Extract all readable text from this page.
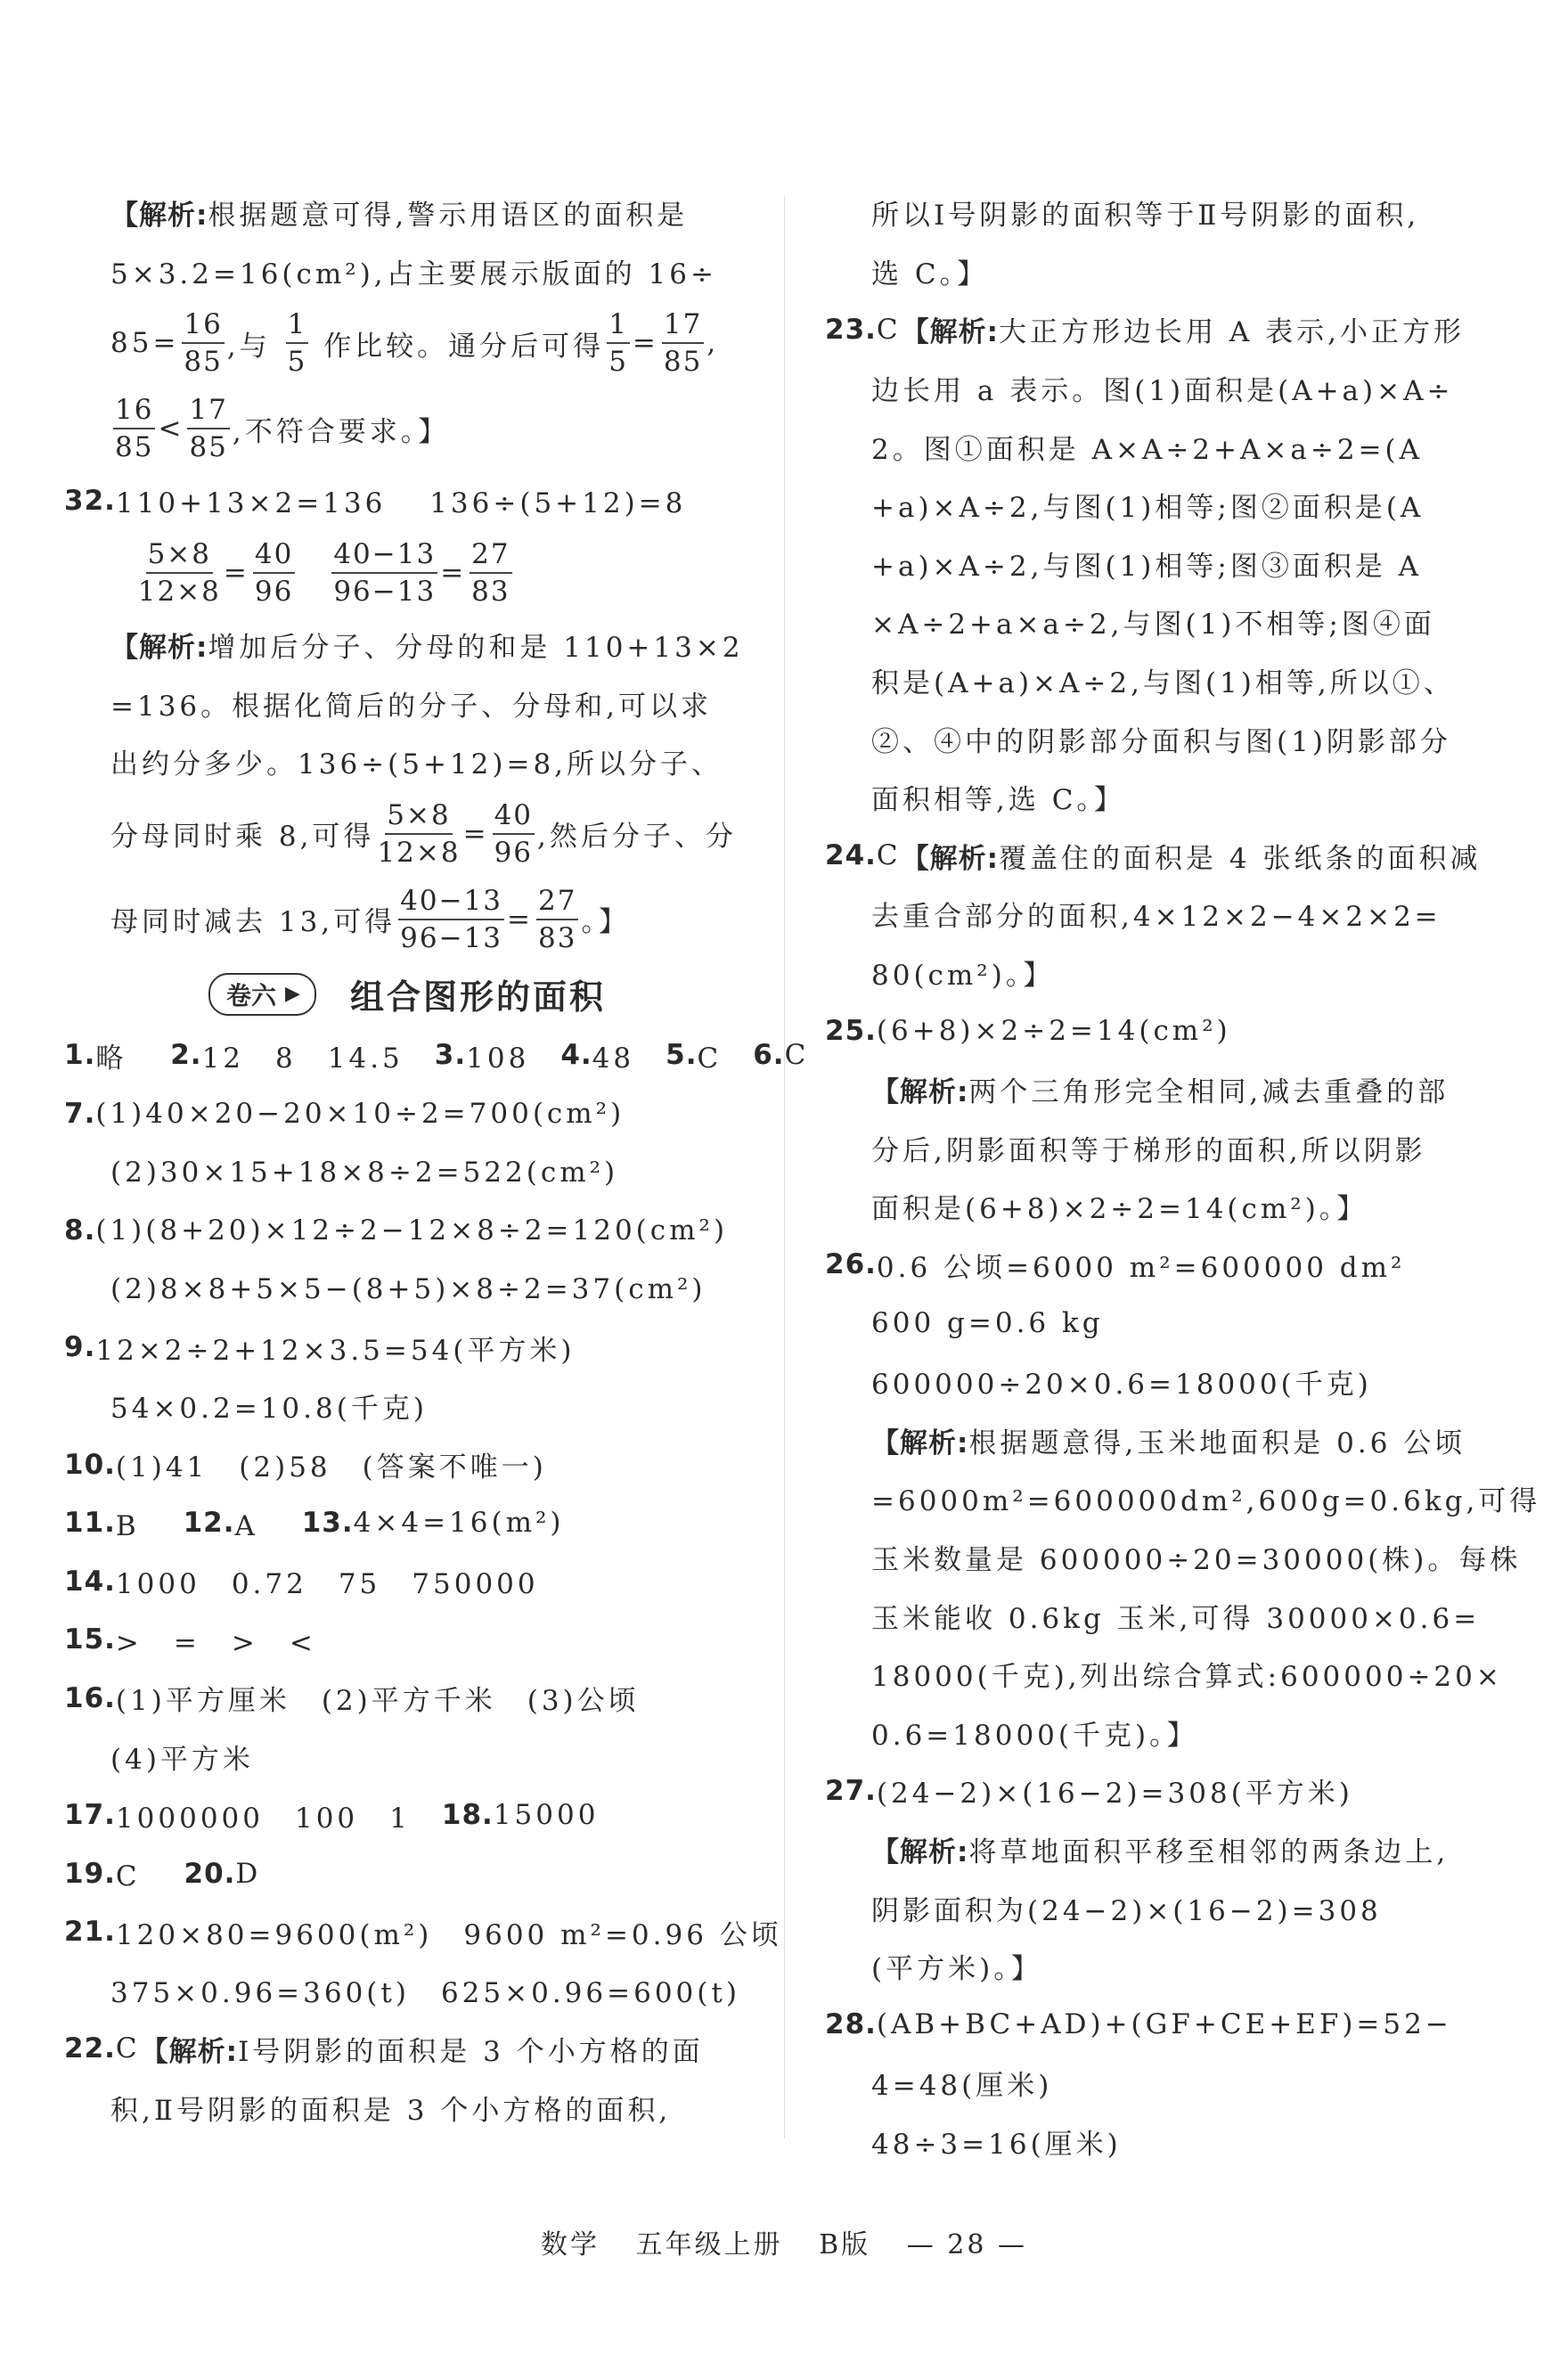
【解析: 根据题意可得,警示用语区的面积是
5×3.2=16(cm²),占主要展示版面的 16÷
$85= \frac{16}{85}$ ,与 $\frac{1}{5}$ 作比较。通分后可得 $\frac{1}{5} = \frac{17}{85}$ ,
$\frac{16}{85} < \frac{17}{85}$ ,不符合要求。】
32. 110+13×2=136　 136÷(5+12)=8

$\frac{5\times 8}{12\times 8} = \frac{40}{96}$
　 $\frac{40-13}{96-13} = \frac{27}{83}$
【解析: 增加后分子、分母的和是 110+13×2
=136。根据化简后的分子、分母和,可以求
出约分多少。136÷(5+12)=8,所以分子、
分母同时乘 8,可得 $\frac{5\times 8}{12\times 8} = \frac{40}{96}$ ,然后分子、分
母同时减去 13,可得 $\frac{40-13}{96-13} = \frac{27}{83}$ 。】
卷六 ▶ 组合图形的面积
1. 略　 2. 12　8　14.5　 3. 108　 4. 48　 5. C　 6. C
7. (1)40×20−20×10÷2=700(cm²)
(2)30×15+18×8÷2=522(cm²)
8. (1)(8+20)×12÷2−12×8÷2=120(cm²)
(2)8×8+5×5−(8+5)×8÷2=37(cm²)
9. 12×2÷2+12×3.5=54(平方米)
54×0.2=10.8(千克)
10. (1)41　(2)58　(答案不唯一)
11. B　 12. A　 13. 4×4=16(m²)
14. 1000　0.72　75　750000
15. >　=　>　<
16. (1)平方厘米　(2)平方千米　(3)公顷
(4)平方米
17. 1000000　100　1　 18. 15000
19. C　 20. D
21. 120×80=9600(m²)　9600 m²=0.96 公顷
375×0.96=360(t)　625×0.96=600(t)
22. C 【解析: Ⅰ号阴影的面积是 3 个小方格的面
积,Ⅱ号阴影的面积是 3 个小方格的面积,
所以Ⅰ号阴影的面积等于Ⅱ号阴影的面积,
选 C。】
23. C 【解析: 大正方形边长用 A 表示,小正方形
边长用 a 表示。图(1)面积是(A+a)×A÷
2。图①面积是 A×A÷2+A×a÷2=(A
+a)×A÷2,与图(1)相等;图②面积是(A
+a)×A÷2,与图(1)相等;图③面积是 A
×A÷2+a×a÷2,与图(1)不相等;图④面
积是(A+a)×A÷2,与图(1)相等,所以①、
②、④中的阴影部分面积与图(1)阴影部分
面积相等,选 C。】
24. C 【解析: 覆盖住的面积是 4 张纸条的面积减
去重合部分的面积,4×12×2−4×2×2=
80(cm²)。】
25. (6+8)×2÷2=14(cm²)
【解析: 两个三角形完全相同,减去重叠的部
分后,阴影面积等于梯形的面积,所以阴影
面积是(6+8)×2÷2=14(cm²)。】
26. 0.6 公顷=6000 m²=600000 dm²
600 g=0.6 kg
600000÷20×0.6=18000(千克)
【解析: 根据题意得,玉米地面积是 0.6 公顷
=6000m²=600000dm²,600g=0.6kg,可得
玉米数量是 600000÷20=30000(株)。每株
玉米能收 0.6kg 玉米,可得 30000×0.6=
18000(千克),列出综合算式:600000÷20×
0.6=18000(千克)。】
27. (24−2)×(16−2)=308(平方米)
【解析: 将草地面积平移至相邻的两条边上,
阴影面积为(24−2)×(16−2)=308
(平方米)。】
28. (AB+BC+AD)+(GF+CE+EF)=52−
4=48(厘米)
48÷3=16(厘米)
数学 五年级上册 B版 — 28 —
